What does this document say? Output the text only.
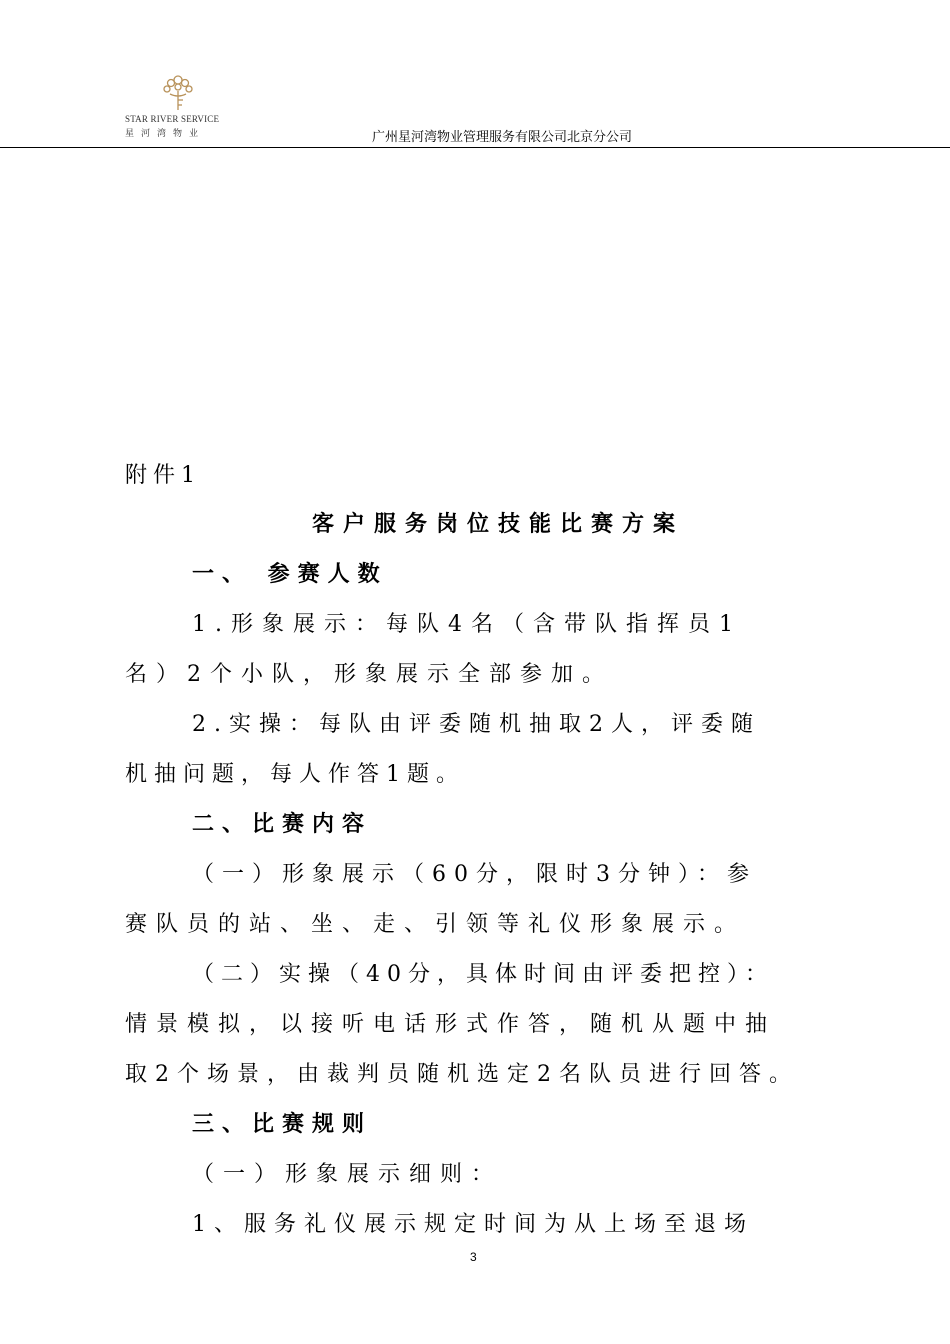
STAR RIVER SERVICE
星河湾物业	广州星河湾物业管理服务有限公司北京分公司
附件1
客户服务岗位技能比赛方案
一、 参赛人数
1.形象展示：每队4名（含带队指挥员1
名）2个小队，形象展示全部参加。
2.实操：每队由评委随机抽取2人，评委随
机抽问题，每人作答1题。
二、比赛内容
（一）形象展示（60分，限时3分钟）：参
赛队员的站、坐、走、引领等礼仪形象展示。
（二）实操（40分，具体时间由评委把控）：
情景模拟，以接听电话形式作答，随机从题中抽
取2个场景，由裁判员随机选定2名队员进行回答。
三、比赛规则
（一）形象展示细则：
1、服务礼仪展示规定时间为从上场至退场
3
